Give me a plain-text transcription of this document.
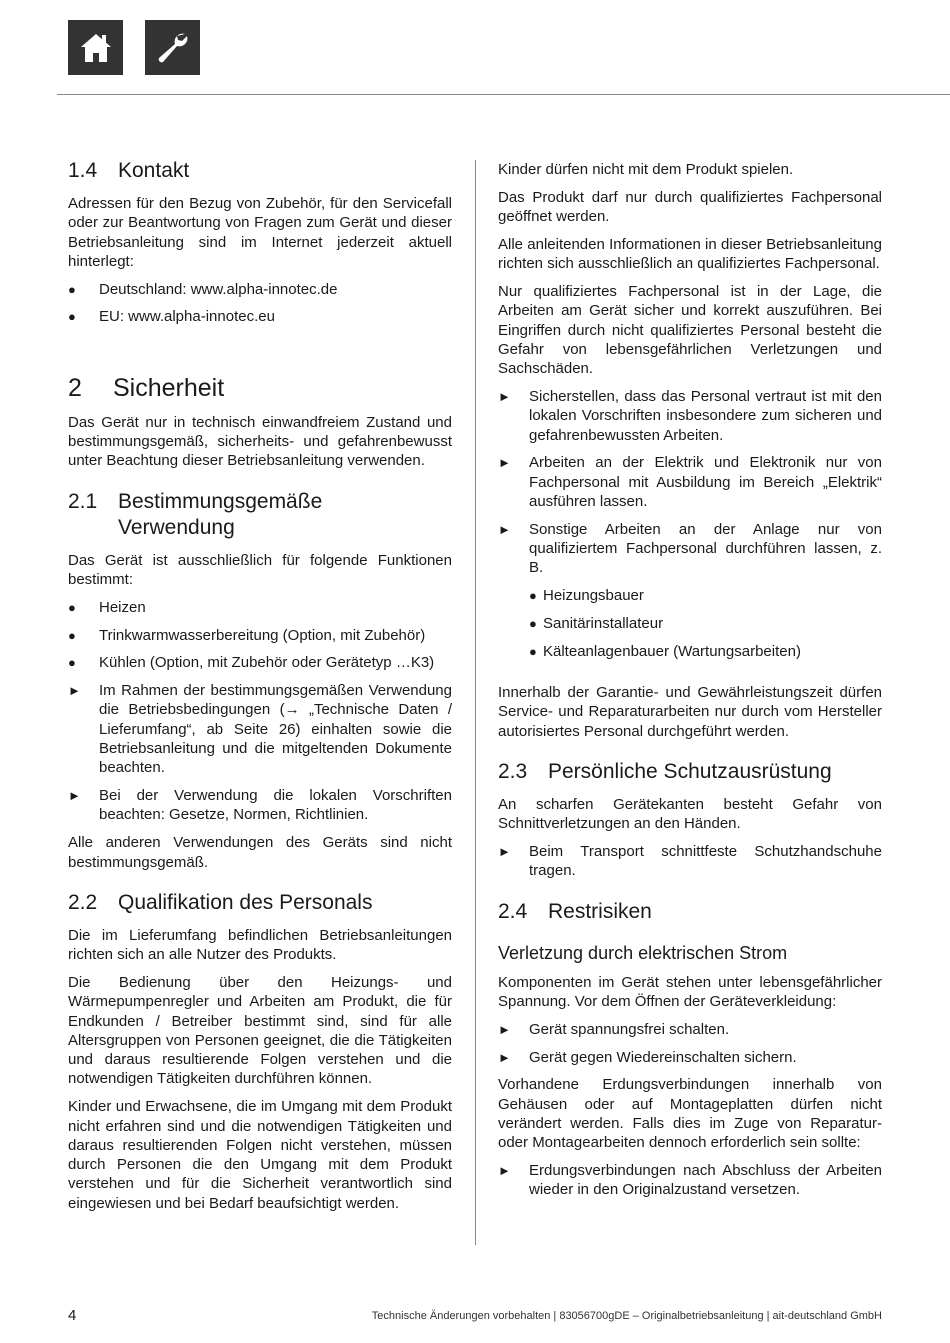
1.4 Kontakt

Adressen für den Bezug von Zubehör, für den Servicefall oder zur Beantwortung von Fragen zum Gerät und dieser Betriebsanleitung sind im Internet jederzeit aktuell hinterlegt:

●	Deutschland: www.alpha-innotec.de
●	EU: www.alpha-innotec.eu
2	Sicherheit

Das Gerät nur in technisch einwandfreiem Zustand und bestimmungsgemäß, sicherheits- und gefahrenbewusst unter Beachtung dieser Betriebsanleitung verwenden.

2.1 Bestimmungsgemäße Verwendung

Das Gerät ist ausschließlich für folgende Funktionen bestimmt:

●	Heizen
●	Trinkwarmwasserbereitung (Option, mit Zubehör)
●	Kühlen (Option, mit Zubehör oder Gerätetyp …K3)
►	Im Rahmen der bestimmungsgemäßen Verwendung die Betriebsbedingungen (→ „Technische Daten / Lieferumfang“, ab Seite 26) einhalten sowie die Betriebsanleitung und die mitgeltenden Dokumente beachten.
►	Bei der Verwendung die lokalen Vorschriften beachten: Gesetze, Normen, Richtlinien.

Alle anderen Verwendungen des Geräts sind nicht bestimmungsgemäß.

2.2 Qualifikation des Personals

Die im Lieferumfang befindlichen Betriebsanleitungen richten sich an alle Nutzer des Produkts.

Die Bedienung über den Heizungs- und Wärmepumpenregler und Arbeiten am Produkt, die für Endkunden / Betreiber bestimmt sind, sind für alle Altersgruppen von Personen geeignet, die die Tätigkeiten und daraus resultierende Folgen verstehen und die notwendigen Tätigkeiten durchführen können.

Kinder und Erwachsene, die im Umgang mit dem Produkt nicht erfahren sind und die notwendigen Tätigkeiten und daraus resultierenden Folgen nicht verstehen, müssen durch Personen die den Umgang mit dem Produkt verstehen und für die Sicherheit verantwortlich sind eingewiesen und bei Bedarf beaufsichtigt werden.

Kinder dürfen nicht mit dem Produkt spielen.

Das Produkt darf nur durch qualifiziertes Fachpersonal geöffnet werden.

Alle anleitenden Informationen in dieser Betriebsanleitung richten sich ausschließlich an qualifiziertes Fachpersonal.

Nur qualifiziertes Fachpersonal ist in der Lage, die Arbeiten am Gerät sicher und korrekt auszuführen. Bei Eingriffen durch nicht qualifiziertes Personal besteht die Gefahr von lebensgefährlichen Verletzungen und Sachschäden.

►	Sicherstellen, dass das Personal vertraut ist mit den lokalen Vorschriften insbesondere zum sicheren und gefahrenbewussten Arbeiten.
►	Arbeiten an der Elektrik und Elektronik nur von Fachpersonal mit Ausbildung im Bereich „Elektrik“ ausführen lassen.
►	Sonstige Arbeiten an der Anlage nur von qualifiziertem Fachpersonal durchführen lassen, z. B.
● Heizungsbauer
● Sanitärinstallateur
● Kälteanlagenbauer (Wartungsarbeiten)

Innerhalb der Garantie- und Gewährleistungszeit dürfen Service- und Reparaturarbeiten nur durch vom Hersteller autorisiertes Personal durchgeführt werden.

2.3 Persönliche Schutzausrüstung

An scharfen Gerätekanten besteht Gefahr von Schnittverletzungen an den Händen.

►	Beim Transport schnittfeste Schutzhandschuhe tragen.
2.4 Restrisiken
Verletzung durch elektrischen Strom

Komponenten im Gerät stehen unter lebensgefährlicher Spannung. Vor dem Öffnen der Geräteverkleidung:

►	Gerät spannungsfrei schalten.
►	Gerät gegen Wiedereinschalten sichern.

Vorhandene Erdungsverbindungen innerhalb von Gehäusen oder auf Montageplatten dürfen nicht verändert werden. Falls dies im Zuge von Reparatur- oder Montagearbeiten dennoch erforderlich sein sollte:

►	Erdungsverbindungen nach Abschluss der Arbeiten wieder in den Originalzustand versetzen.
4	Technische Änderungen vorbehalten | 83056700gDE – Originalbetriebsanleitung | ait-deutschland GmbH
